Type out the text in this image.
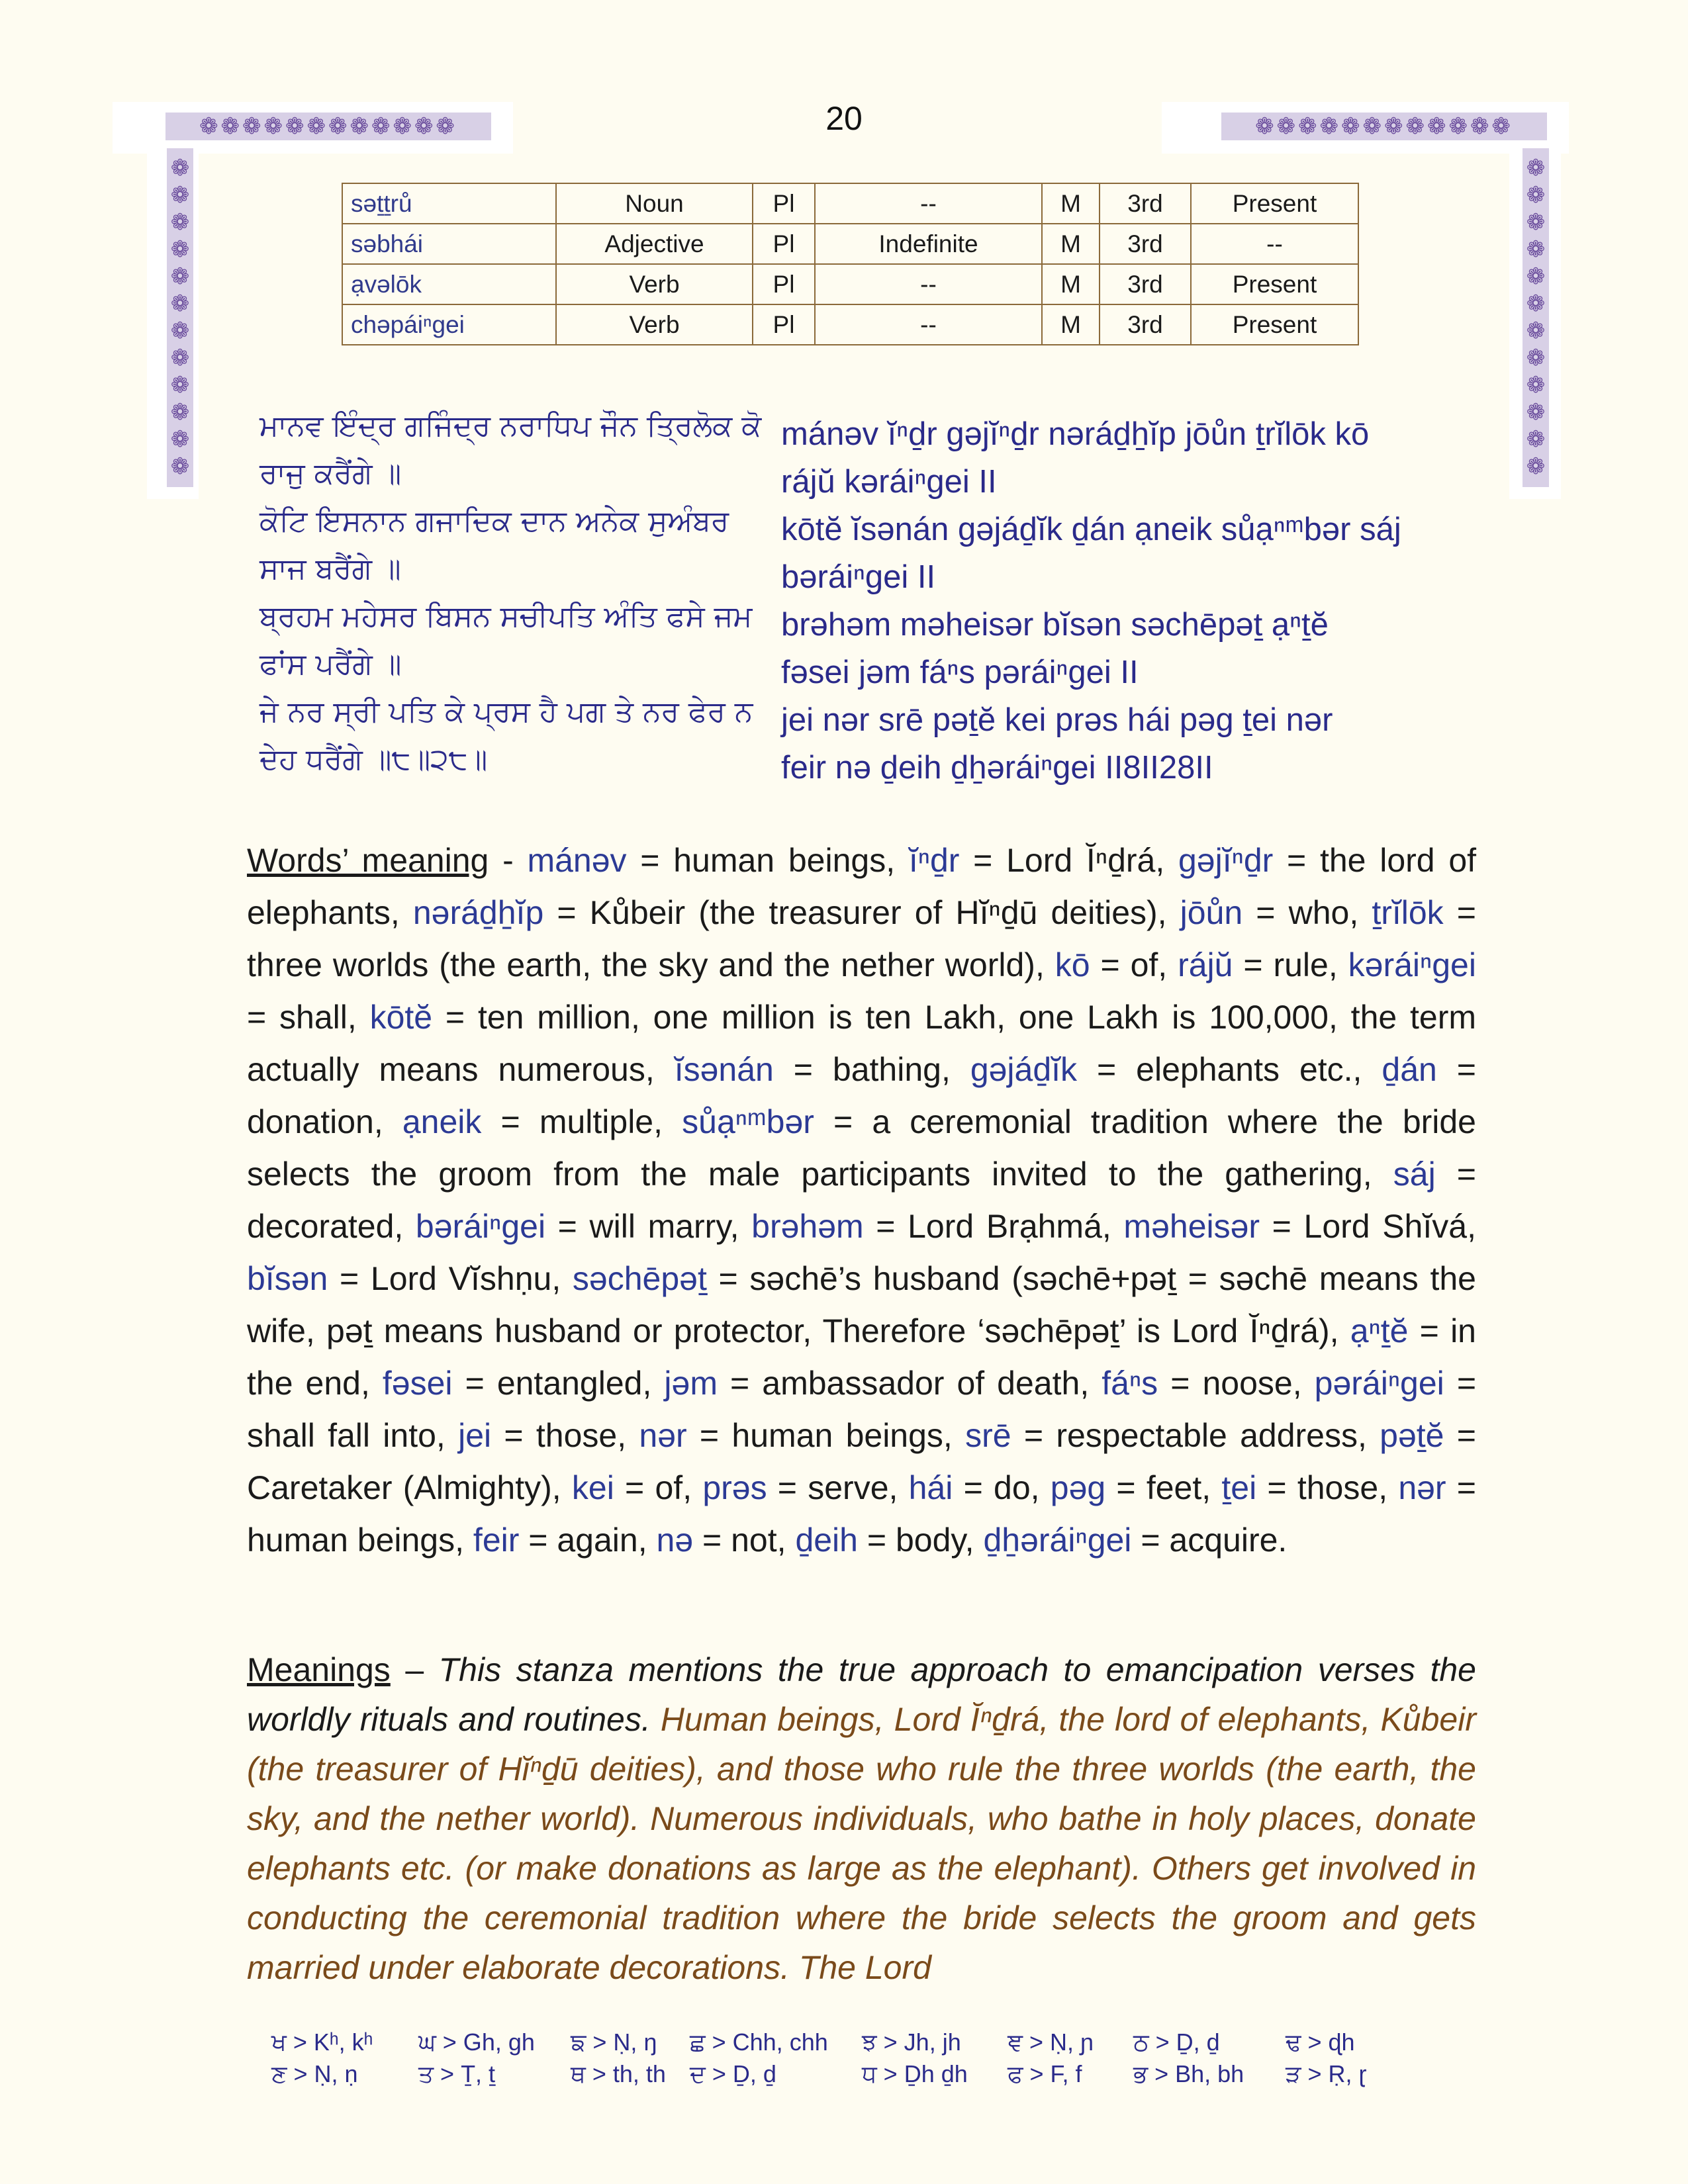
❁❁❁❁❁❁❁❁❁❁❁❁	❁❁❁❁❁❁❁❁❁❁❁❁
❁
❁
❁
❁
❁
❁
❁
❁
❁
❁
❁
❁
❁
❁
❁
❁
❁
❁
❁
❁
❁
❁
❁
❁
20
səṯṯrů	Noun	Pl	--	M	3rd	Present
səbhái	Adjective	Pl	Indefinite	M	3rd	--
ạvəlōk	Verb	Pl	--	M	3rd	Present
chəpáiⁿgei	Verb	Pl	--	M	3rd	Present
ਮਾਨਵ ਇੰਦ੍ਰ ਗਜਿੰਦ੍ਰ ਨਰਾਧਿਪ ਜੌਨ ਤ੍ਰਿਲੋਕ ਕੋ
ਰਾਜੁ ਕਰੈਂਗੇ ॥
ਕੋਟਿ ਇਸਨਾਨ ਗਜਾਦਿਕ ਦਾਨ ਅਨੇਕ ਸੁਅੰਬਰ
ਸਾਜ ਬਰੈਂਗੇ ॥
ਬ੍ਰਹਮ ਮਹੇਸਰ ਬਿਸਨ ਸਚੀਪਤਿ ਅੰਤਿ ਫਸੇ ਜਮ
ਫਾਂਸ ਪਰੈਂਗੇ ॥
ਜੇ ਨਰ ਸ੍ਰੀ ਪਤਿ ਕੇ ਪ੍ਰਸ ਹੈ ਪਗ ਤੇ ਨਰ ਫੇਰ ਨ
ਦੇਹ ਧਰੈਂਗੇ ॥੮॥੨੮॥
mánəv ĭⁿḏr gəjĭⁿḏr nəráḏẖĭp jōůn ṯrĭlōk kō
rájŭ kəráiⁿgei II
kōtĕ ĭsənán gəjáḏĭk ḏán ạneik sůạⁿᵐbər sáj
bəráiⁿgei II
brəhəm məheisər bĭsən səchēpəṯ ạⁿṯĕ
fəsei jəm fáⁿs pəráiⁿgei II
jei nər srē pəṯĕ kei prəs hái pəg ṯei nər
feir nə ḏeih ḏẖəráiⁿgei II8II28II
Words’ meaning - mánəv = human beings, ĭⁿḏr = Lord Ĭⁿḏrá, gəjĭⁿḏr = the lord of elephants, nəráḏẖĭp = Kůbeir (the treasurer of Hĭⁿḏū deities), jōůn = who, ṯrĭlōk = three worlds (the earth, the sky and the nether world), kō = of, rájŭ = rule, kəráiⁿgei = shall, kōtĕ = ten million, one million is ten Lakh, one Lakh is 100,000, the term actually means numerous, ĭsənán = bathing, gəjáḏĭk = elephants etc., ḏán = donation, ạneik = multiple, sůạⁿᵐbər = a ceremonial tradition where the bride selects the groom from the male participants invited to the gathering, sáj = decorated, bəráiⁿgei = will marry, brəhəm = Lord Brạhmá, məheisər = Lord Shĭvá, bĭsən = Lord Vĭshṇu, səchēpəṯ = səchē’s husband (səchē+pəṯ = səchē means the wife, pəṯ means husband or protector, Therefore ‘səchēpəṯ’ is Lord Ĭⁿḏrá), ạⁿṯĕ = in the end, fəsei = entangled, jəm = ambassador of death, fáⁿs = noose, pəráiⁿgei = shall fall into, jei = those, nər = human beings, srē = respectable address, pəṯĕ = Caretaker (Almighty), kei = of, prəs = serve, hái = do, pəg = feet, ṯei = those, nər = human beings, feir = again, nə = not, ḏeih = body, ḏẖəráiⁿgei = acquire.
Meanings – This stanza mentions the true approach to emancipation verses the worldly rituals and routines. Human beings, Lord Ĭⁿḏrá, the lord of elephants, Kůbeir (the treasurer of Hĭⁿḏū deities), and those who rule the three worlds (the earth, the sky, and the nether world). Numerous individuals, who bathe in holy places, donate elephants etc. (or make donations as large as the elephant). Others get involved in conducting the ceremonial tradition where the bride selects the groom and gets married under elaborate decorations. The Lord
ਖ > Kʰ, kʰ	ਘ > Gh, gh	ਙ > Ṇ, ŋ	ਛ > Chh, chh	ਝ > Jh, jh	ਞ > Ṇ, ɲ	ਠ > Ḏ, ḏ	ਢ > ɖh
ਣ > Ṇ, ṇ	ਤ > Ṯ, ṯ	ਥ > th, th	ਦ > Ḏ, ḏ	ਧ > Ḏh ḏh	ਫ > F, f	ਭ > Bh, bh	ੜ > Ṛ, ɽ
